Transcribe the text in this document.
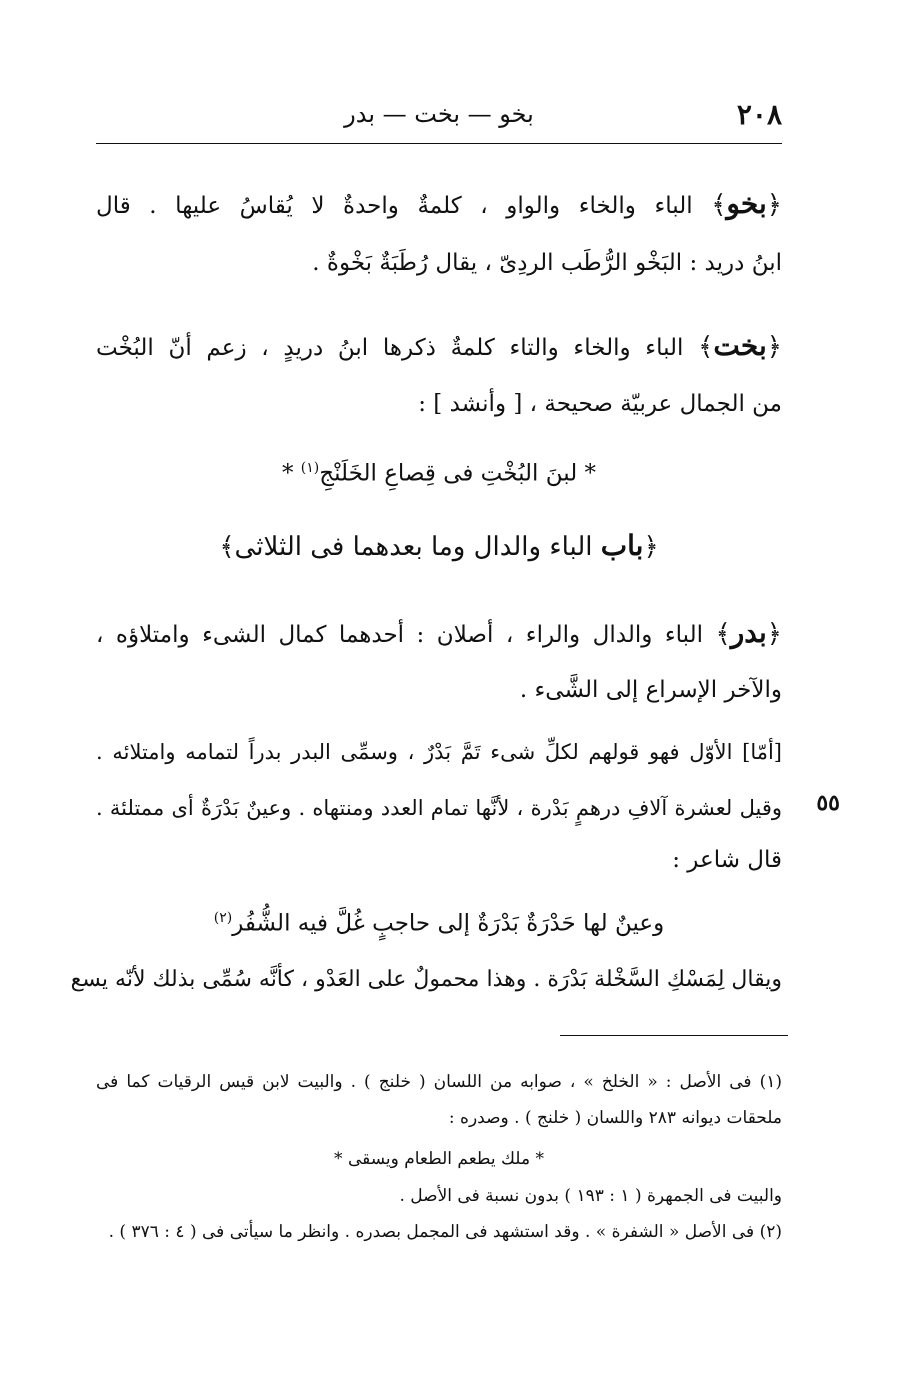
٢٠٨
بخو — بخت — بدر
﴿بخو﴾ الباء والخاء والواو ، كلمةٌ واحدةٌ لا يُقاسُ عليها . قال
ابنُ دريد : البَخْو الرُّطَب الردِىّ ، يقال رُطَبَةٌ بَخْوةٌ .
﴿بخت﴾ الباء والخاء والتاء كلمةٌ ذكرها ابنُ دريدٍ ، زعم أنّ البُخْت
من الجمال عربيّة صحيحة ، [ وأنشد ] :
* لبنَ البُخْتِ فى قِصاعِ الخَلَنْجِ$^{(١)}$ *
﴿باب الباء والدال وما بعدهما فى الثلاثى﴾
﴿بدر﴾ الباء والدال والراء ، أصلان : أحدهما كمال الشىء وامتلاؤه ،
والآخر الإسراع إلى الشَّىء .
[أمّا] الأوّل فهو قولهم لكلِّ شىء تَمَّ بَدْرٌ ، وسمِّى البدر بدراً لتمامه وامتلائه .
وقيل لعشرة آلافِ درهمٍ بَدْرة ، لأنَّها تمام العدد ومنتهاه . وعينٌ بَدْرَةٌ أى ممتلئة .	٥٥
قال شاعر :
وعينٌ لها حَدْرَةٌ بَدْرَةٌ إلى حاجبٍ غُلَّ فيه الشُّفُر$^{(٢)}$
ويقال لِمَسْكِ السَّخْلة بَدْرَة . وهذا محمولٌ على العَدْو ، كأنَّه سُمِّى بذلك لأنّه يسع
(١) فى الأصل : « الخلخ » ، صوابه من اللسان ( خلنج ) . والبيت لابن قيس الرقيات كما فى
ملحقات ديوانه ٢٨٣ واللسان ( خلنج ) . وصدره :
* ملك يطعم الطعام ويسقى *
والبيت فى الجمهرة ( ١ : ١٩٣ ) بدون نسبة فى الأصل .
(٢) فى الأصل « الشفرة » . وقد استشهد فى المجمل بصدره . وانظر ما سيأتى فى ( ٤ : ٣٧٦ ) .
